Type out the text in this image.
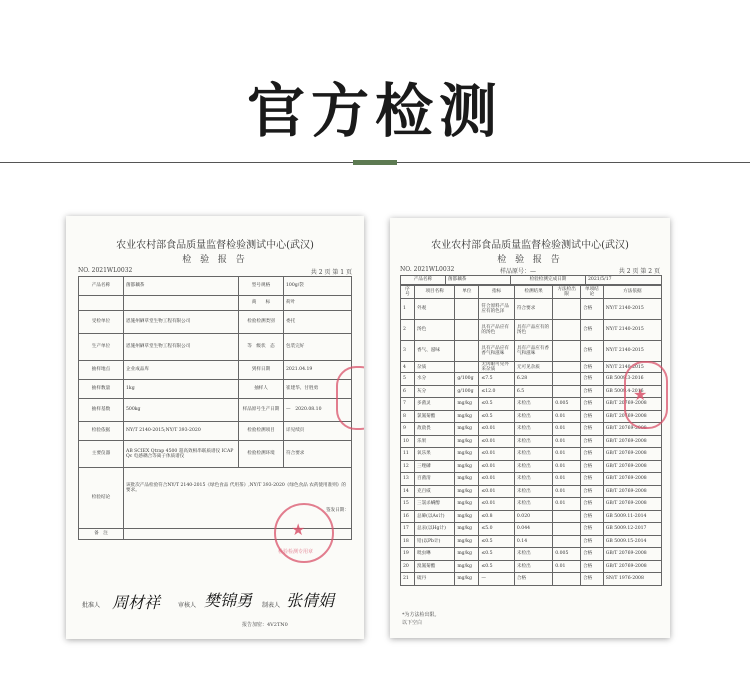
官方检测
农业农村部食品质量监督检验测试中心(武汉)
检 验 报 告
NO. 2021WL0032	共 2 页 第 1 页
产品名称	菌都藕茶	型号规格	100g/袋
		商　　标	荷叶
受检单位	恩施州硒草堂生物工程有限公司	检验检测类别	委托
生产单位	恩施州硒草堂生物工程有限公司	等　级状　态	包装完好
抽样地点	企业成品库	到样日期	2021.04.19
抽样数量	1kg	抽样人	崔建华、甘胜勇
抽样基数	500kg	样品原号生产日期	—　2020.08.10
检验依据	NY/T 2140-2015;NY/T 393-2020	检验检测项目	详见续页
主要仪器	AB SCIEX Qtrap 4500 超高效相串联质谱仪 ICAP Qc 电感耦合等离子体质谱仪	检验检测环境	符合要求
检验结论	该批次产品检验符合NY/T 2140-2015《绿色食品 代用茶》,NY/T 393-2020《绿色食品 农药使用准则》的要求。
签发日期：		

备　注				★
检验检测专用章
批准人 周材祥	审核人 樊锦勇 制表人 张倩娟
报告加密：4V2TN0
农业农村部食品质量监督检验测试中心(武汉)
检 验 报 告
NO. 2021WL0032	样品原号：—	共 2 页 第 2 页
产品名称	菌都藕茶	检验检测完成日期	2021/5/17
序号	项目名称	单位	指标	检测结果	方法检出限	单项结论	方法依据
1	外观		符合原料产品应有的色泽	符合要求		合格	NY/T 2140-2015
2	汤色		具有产品应有的汤色	具有产品应有的汤色		合格	NY/T 2140-2015
3	香气、滋味		具有产品应有香气和滋味	具有产品应有香气和滋味		合格	NY/T 2140-2015
4	杂质		无肉眼可见外来杂质	无可见杂质		合格	NY/T 2140-2015
5	水分	g/100g	≤7.5	6.28		合格	GB 5009.3-2016
6	灰分	g/100g	≤12.0	6.5		合格	GB 5009.4-2016
7	多菌灵	mg/kg	≤0.5	未检出	0.005	合格	GB/T 20769-2008
8	氯氰菊酯	mg/kg	≤0.5	未检出	0.01	合格	GB/T 20769-2008
9	敌敌畏	mg/kg	≤0.01	未检出	0.01	合格	GB/T 20769-2008
10	乐果	mg/kg	≤0.01	未检出	0.01	合格	GB/T 20769-2008
11	氧乐果	mg/kg	≤0.01	未检出	0.01	合格	GB/T 20769-2008
12	三唑磷	mg/kg	≤0.01	未检出	0.01	合格	GB/T 20769-2008
13	百菌清	mg/kg	≤0.01	未检出	0.01	合格	GB/T 20769-2008
14	克百威	mg/kg	≤0.01	未检出	0.01	合格	GB/T 20769-2008
15	三氯杀螨醇	mg/kg	≤0.01	未检出	0.01	合格	GB/T 20769-2008
16	总砷(以As计)	mg/kg	≤0.8	0.020		合格	GB 5009.11-2014
17	总汞(以Hg计)	mg/kg	≤5.0	0.044		合格	GB 5009.12-2017
18	铅(以Pb计)	mg/kg	≤0.5	0.14		合格	GB 5009.15-2014
19	吡虫啉	mg/kg	≤0.5	未检出	0.005	合格	GB/T 20769-2008
20	溴氰菊酯	mg/kg	≤0.5	未检出	0.01	合格	GB/T 20769-2008
21	硫丹	mg/kg	—	合格		合格	SN/T 1976-2008
★
*为方法检出限。
以下空白
